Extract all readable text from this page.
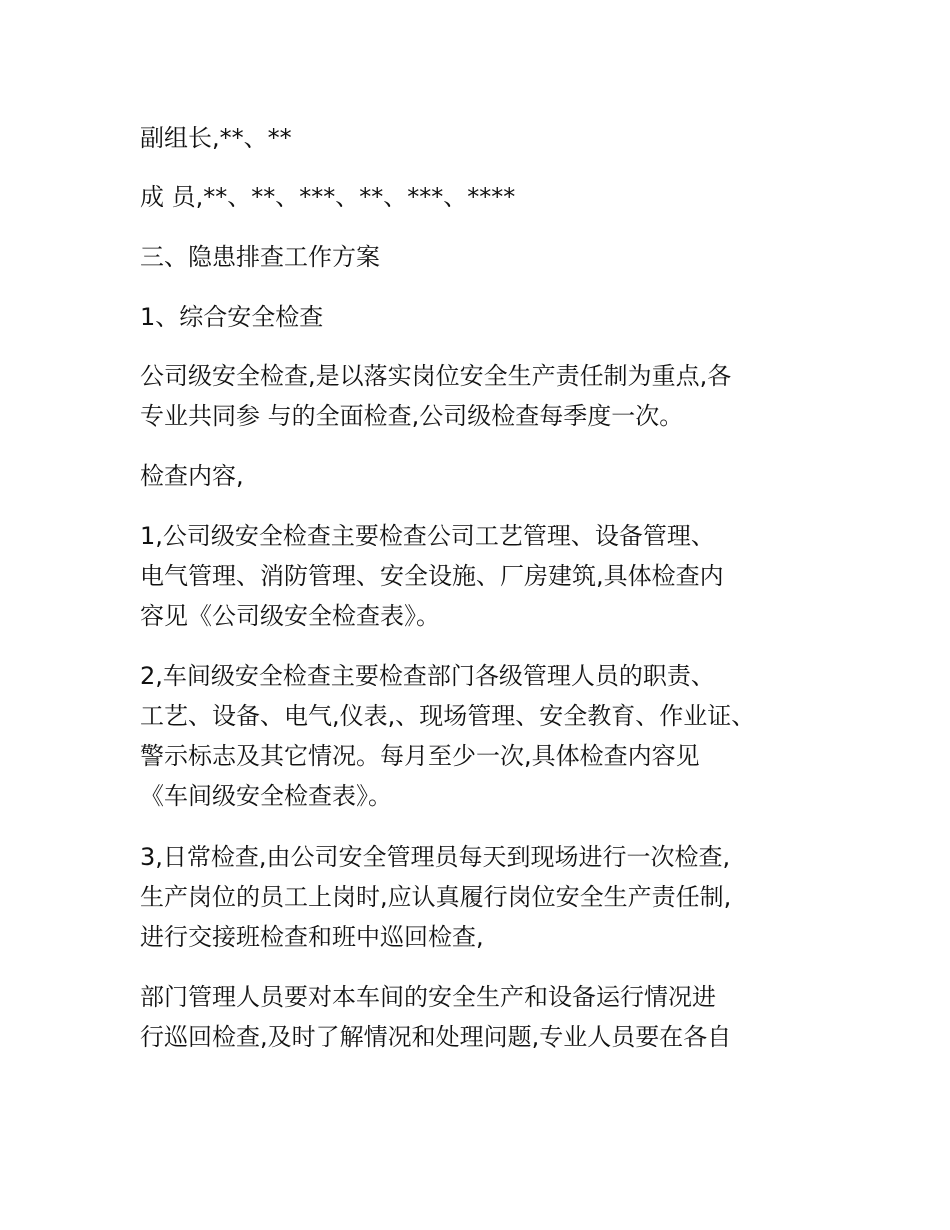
副组长,**、**

成 员,**、**、***、**、***、****

三、隐患排查工作方案

1、综合安全检查

公司级安全检查,是以落实岗位安全生产责任制为重点,各

专业共同参 与的全面检查,公司级检查每季度一次。

检查内容,

1,公司级安全检查主要检查公司工艺管理、设备管理、

电气管理、消防管理、安全设施、厂房建筑,具体检查内

容见《公司级安全检查表》。

2,车间级安全检查主要检查部门各级管理人员的职责、

工艺、设备、电气,仪表,、现场管理、安全教育、作业证、

警示标志及其它情况。每月至少一次,具体检查内容见

《车间级安全检查表》。

3,日常检查,由公司安全管理员每天到现场进行一次检查,

生产岗位的员工上岗时,应认真履行岗位安全生产责任制,

进行交接班检查和班中巡回检查,

部门管理人员要对本车间的安全生产和设备运行情况进

行巡回检查,及时了解情况和处理问题,专业人员要在各自
